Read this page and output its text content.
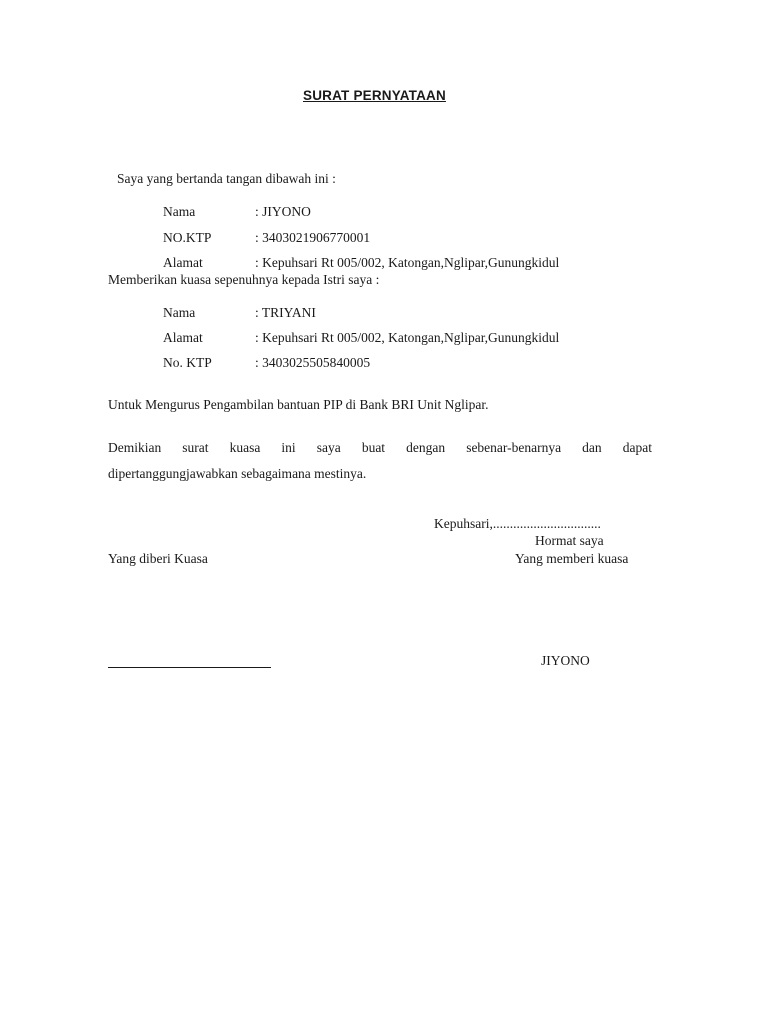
SURAT PERNYATAAN
Saya yang bertanda tangan dibawah ini :
Nama	: JIYONO
NO.KTP	: 3403021906770001
Alamat	: Kepuhsari Rt 005/002, Katongan,Nglipar,Gunungkidul
Memberikan kuasa sepenuhnya kepada Istri saya :
Nama	: TRIYANI
Alamat	: Kepuhsari Rt 005/002, Katongan,Nglipar,Gunungkidul
No. KTP	: 3403025505840005
Untuk Mengurus Pengambilan bantuan PIP di Bank BRI Unit Nglipar.
Demikian surat kuasa ini saya buat dengan sebenar-benarnya dan dapat
dipertanggungjawabkan sebagaimana mestinya.
Kepuhsari,................................
Hormat saya
Yang diberi Kuasa	Yang memberi kuasa
JIYONO
